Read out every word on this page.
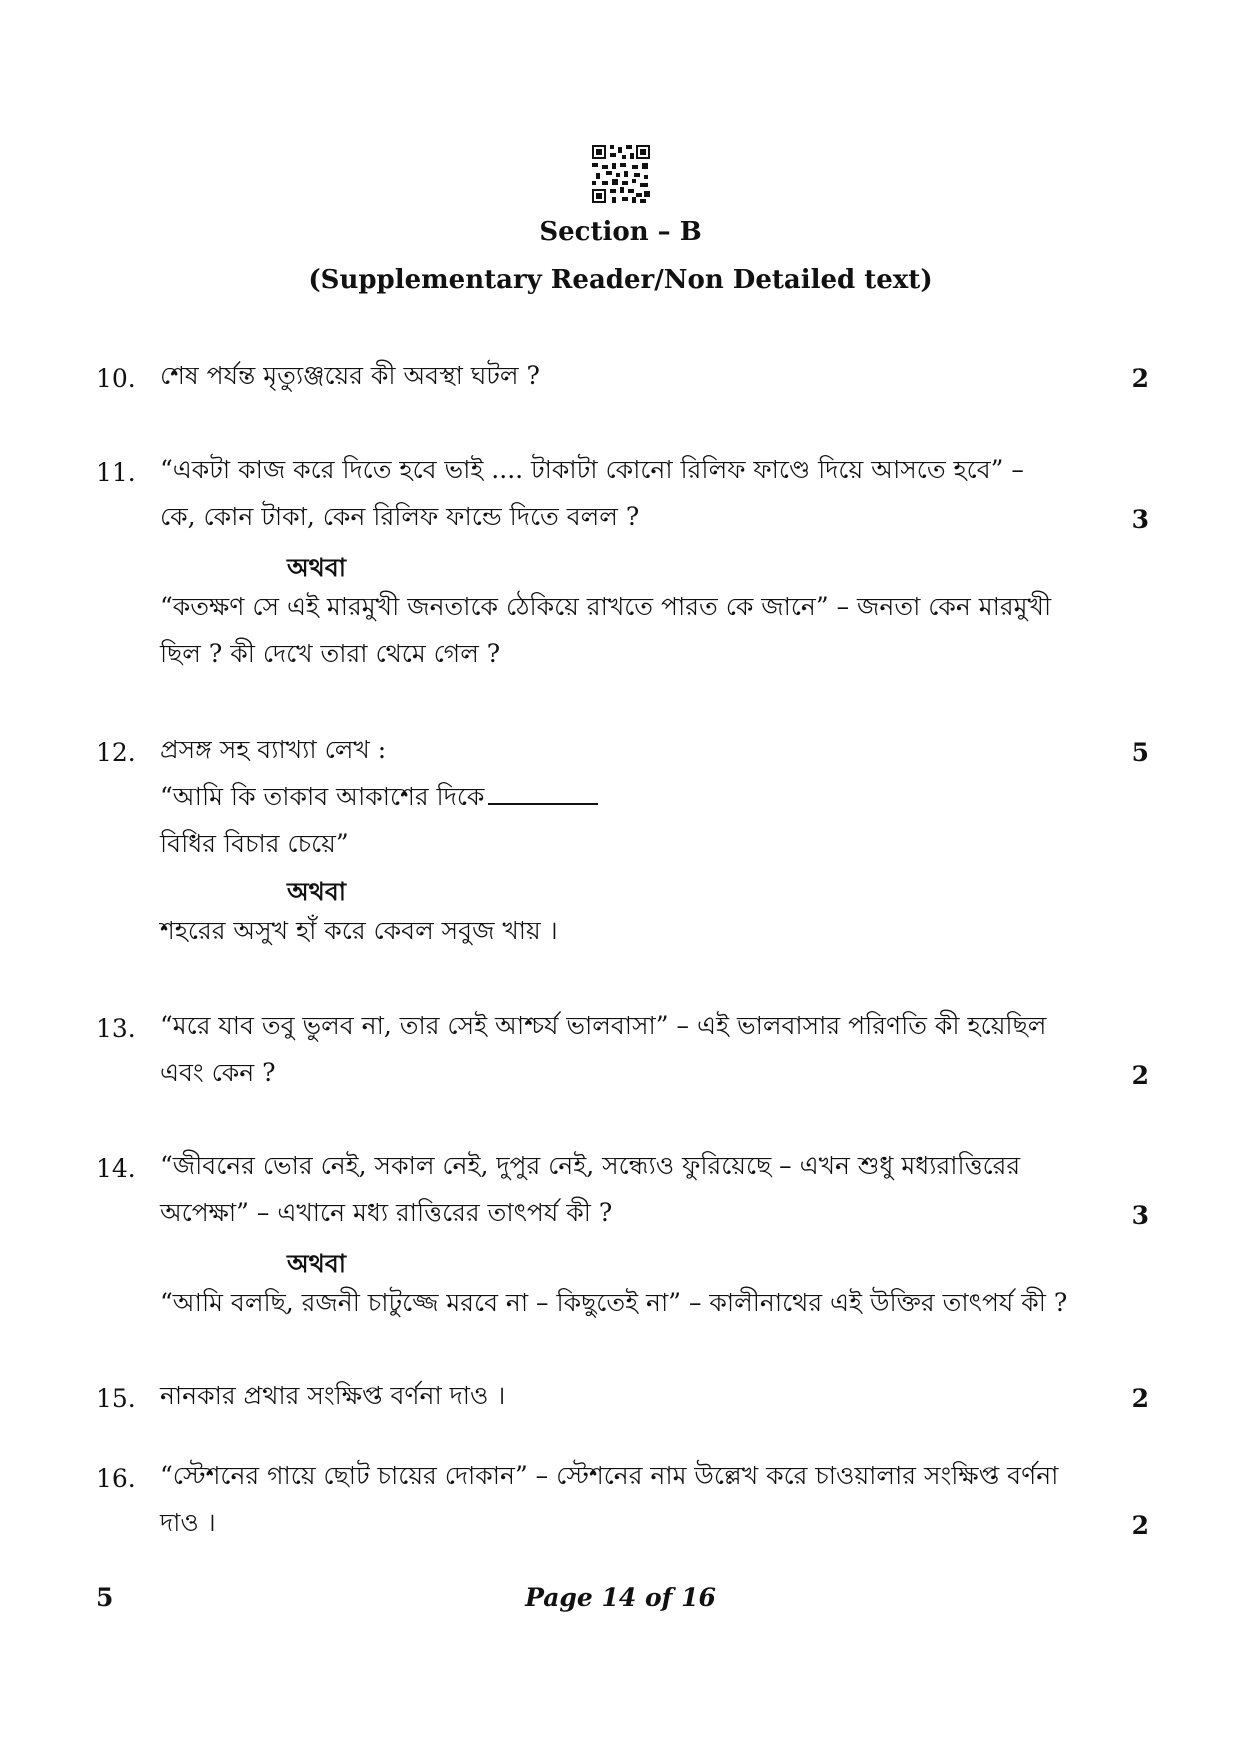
Section – B
(Supplementary Reader/Non Detailed text)
10. শেষ পর্যন্ত মৃত্যুঞ্জয়ের কী অবস্থা ঘটল ?	2
11. “একটা কাজ করে দিতে হবে ভাই .... টাকাটা কোনো রিলিফ ফাণ্ডে দিয়ে আসতে হবে” –
কে, কোন টাকা, কেন রিলিফ ফান্ডে দিতে বলল ?	3
অথবা

“কতক্ষণ সে এই মারমুখী জনতাকে ঠেকিয়ে রাখতে পারত কে জানে” – জনতা কেন মারমুখী
ছিল ? কী দেখে তারা থেমে গেল ?

12. প্রসঙ্গ সহ ব্যাখ্যা লেখ :
“আমি কি তাকাব আকাশের দিকে
বিধির বিচার চেয়ে”

5
অথবা

শহরের অসুখ হাঁ করে কেবল সবুজ খায় ।

13. “মরে যাব তবু ভুলব না, তার সেই আশ্চর্য ভালবাসা” – এই ভালবাসার পরিণতি কী হয়েছিল
এবং কেন ?	2
14. “জীবনের ভোর নেই, সকাল নেই, দুপুর নেই, সন্ধ্যেও ফুরিয়েছে – এখন শুধু মধ্যরাত্তিরের
অপেক্ষা” – এখানে মধ্য রাত্তিরের তাৎপর্য কী ?	3
অথবা

“আমি বলছি, রজনী চাটুজ্জে মরবে না – কিছুতেই না” – কালীনাথের এই উক্তির তাৎপর্য কী ?

15. নানকার প্রথার সংক্ষিপ্ত বর্ণনা দাও ।	2
16. “স্টেশনের গায়ে ছোট চায়ের দোকান” – স্টেশনের নাম উল্লেখ করে চাওয়ালার সংক্ষিপ্ত বর্ণনা
দাও ।	2
5	Page 14 of 16
